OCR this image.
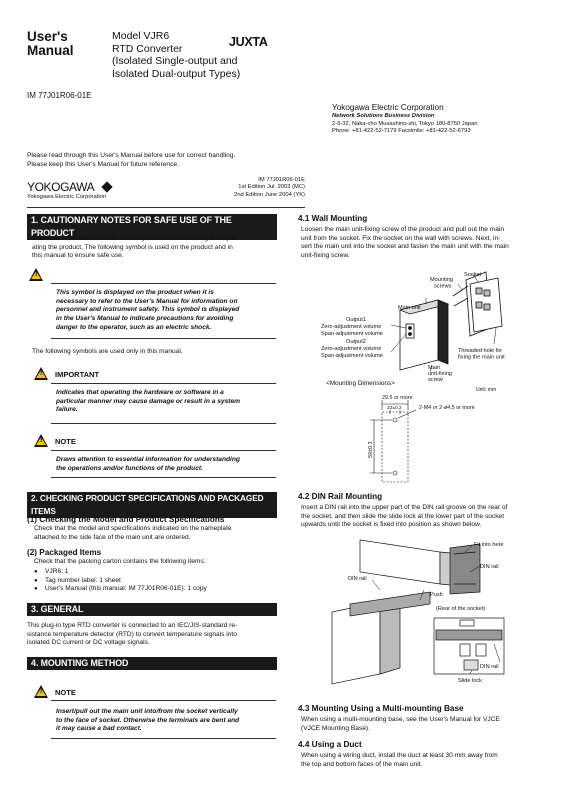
User's Manual
Model VJR6
RTD Converter
(Isolated Single-output and
Isolated Dual-output Types)
JUXTA
IM 77J01R06-01E
Yokogawa Electric Corporation
Network Solutions Business Division
2-9-32, Naka-cho Musashino-shi, Tokyo 180-8750 Japan
Phone: +81-422-52-7179 Facsimile: +81-422-52-6793
Please read through this User's Manual before use for correct handling.
Please keep this User's Manual for future reference.
YOKOGAWA
Yokogawa Electric Corporation
IM 77J01R06-01E
1st Edition Jul. 2003 (MC)
2nd Edition June 2004 (YK)
1. CAUTIONARY NOTES FOR SAFE USE OF THE PRODUCT
This User's Manual should be carefully read before installing and oper-
ating the product. The following symbol is used on the product and in
this manual to ensure safe use.
!
This symbol is displayed on the product when it is
necessary to refer to the User's Manual for information on
personnel and instrument safety. This symbol is displayed
in the User's Manual to indicate precautions for avoiding
danger to the operator, such as an electric shock.
The following symbols are used only in this manual.
! IMPORTANT
Indicates that operating the hardware or software in a
particular manner may cause damage or result in a system
failure.
! NOTE
Draws attention to essential information for understanding
the operations and/or functions of the product.
2. CHECKING PRODUCT SPECIFICATIONS AND PACKAGED ITEMS
(1) Checking the Model and Product Specifications
Check that the model and specifications indicated on the nameplate
attached to the side face of the main unit are ordered.
(2) Packaged Items
Check that the packing carton contains the following items:
● VJR6: 1
● Tag number label: 1 sheet
● User's Manual (this manual: IM 77J01R06-01E): 1 copy
3. GENERAL
This plug-in type RTD converter is connected to an IEC/JIS-standard re-
sistance temperature detector (RTD) to convert temperature signals into
isolated DC current or DC voltage signals.
4. MOUNTING METHOD
! NOTE
Insert/pull out the main unit into/from the socket vertically
to the face of socket. Otherwise the terminals are bent and
it may cause a bad contact.
4.1 Wall Mounting
Loosen the main unit-fixing screw of the product and pull out the main
unit from the socket. Fix the socket on the wall with screws. Next, in-
sert the main unit into the socket and fasten the main unit with the main
unit-fixing screw.
Socket
Mounting screws
Main unit
Output1
Zero-adjustment volume
Span-adjustment volume
Output2
Zero-adjustment volume
Span-adjustment volume
Threaded hole for fixing the main unit
Main unit-fixing screw
<Mounting Dimensions>
Unit: mm
29.5 or more
22±0.2	2-M4 or 2-ø4.5 or more
59±0.3
4.2 DIN Rail Mounting
Insert a DIN rail into the upper part of the DIN rail groove on the rear of
the socket, and then slide the slide lock at the lower part of the socket
upwards until the socket is fixed into position as shown below.
Fit into here
DIN rail
DIN rail
Push
(Rear of the socket)
DIN rail
Slide lock
4.3 Mounting Using a Multi-mounting Base
When using a multi-mounting base, see the User's Manual for VJCE
(VJCE Mounting Base).
4.4 Using a Duct
When using a wiring duct, install the duct at least 30 mm away from
the top and bottom faces of the main unit.
